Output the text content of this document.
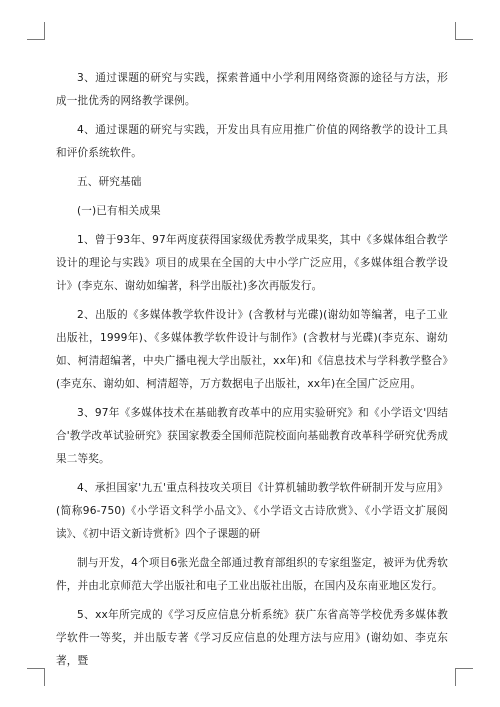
3、通过课题的研究与实践，探索普通中小学利用网络资源的途径与方法，形成一批优秀的网络教学课例。

4、通过课题的研究与实践，开发出具有应用推广价值的网络教学的设计工具和评价系统软件。

五、研究基础

(一)已有相关成果

1、曾于93年、97年两度获得国家级优秀教学成果奖，其中《多媒体组合教学设计的理论与实践》项目的成果在全国的大中小学广泛应用，《多媒体组合教学设计》(李克东、谢幼如编著，科学出版社)多次再版发行。

2、出版的《多媒体教学软件设计》(含教材与光碟)(谢幼如等编著，电子工业出版社，1999年)、《多媒体教学软件设计与制作》(含教材与光碟)(李克东、谢幼如、柯清超编著，中央广播电视大学出版社，xx年)和《信息技术与学科教学整合》(李克东、谢幼如、柯清超等，万方数据电子出版社，xx年)在全国广泛应用。

3、97年《多媒体技术在基础教育改革中的应用实验研究》和《小学语文'四结合'教学改革试验研究》获国家教委全国师范院校面向基础教育改革科学研究优秀成果二等奖。

4、承担国家'九五'重点科技攻关项目《计算机辅助教学软件研制开发与应用》(简称96-750)《小学语文科学小品文》、《小学语文古诗欣赏》、《小学语文扩展阅读》、《初中语文新诗赏析》四个子课题的研

制与开发，4个项目6张光盘全部通过教育部组织的专家组鉴定，被评为优秀软件，并由北京师范大学出版社和电子工业出版社出版，在国内及东南亚地区发行。

5、xx年所完成的《学习反应信息分析系统》获广东省高等学校优秀多媒体教学软件一等奖，并出版专著《学习反应信息的处理方法与应用》(谢幼如、李克东著，暨
